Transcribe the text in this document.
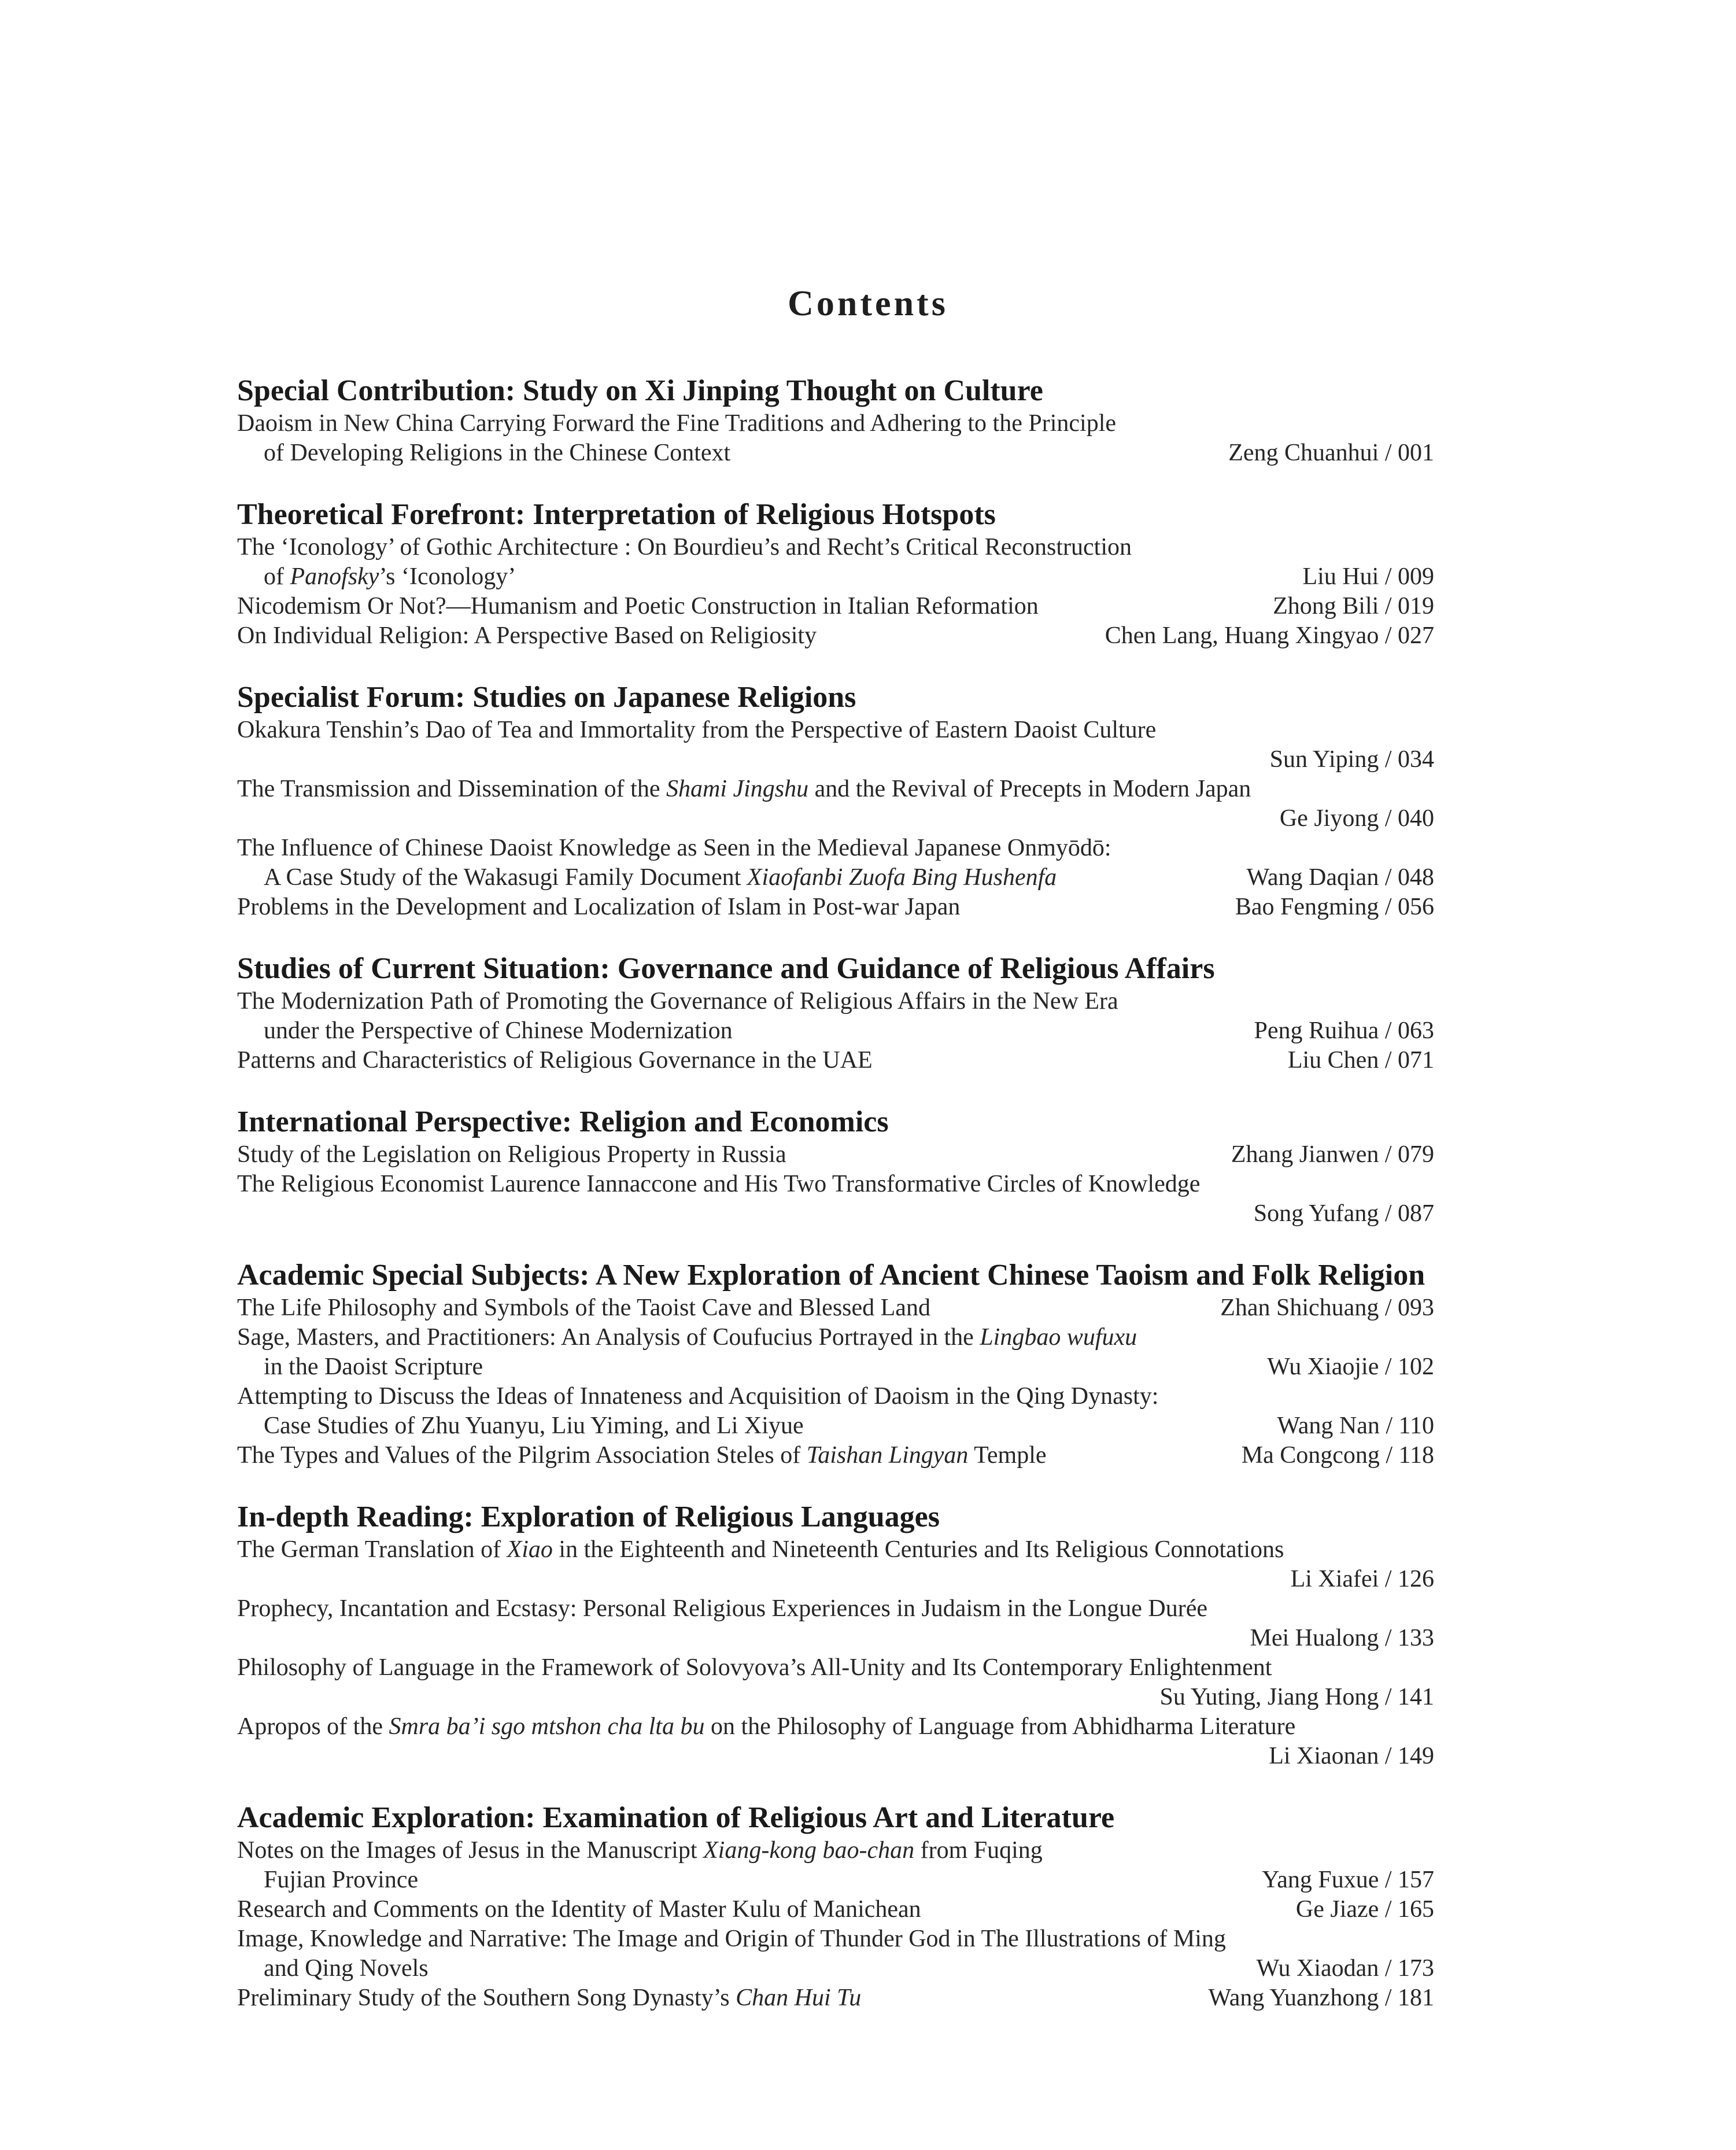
Contents
Special Contribution: Study on Xi Jinping Thought on Culture
Daoism in New China Carrying Forward the Fine Traditions and Adhering to the Principle
of Developing Religions in the Chinese Context	Zeng Chuanhui / 001
Theoretical Forefront: Interpretation of Religious Hotspots
The ‘Iconology’ of Gothic Architecture : On Bourdieu’s and Recht’s Critical Reconstruction
of Panofsky’s ‘Iconology’	Liu Hui / 009
Nicodemism Or Not?—Humanism and Poetic Construction in Italian Reformation	Zhong Bili / 019
On Individual Religion: A Perspective Based on Religiosity	Chen Lang, Huang Xingyao / 027
Specialist Forum: Studies on Japanese Religions
Okakura Tenshin’s Dao of Tea and Immortality from the Perspective of Eastern Daoist Culture
Sun Yiping / 034
The Transmission and Dissemination of the Shami Jingshu and the Revival of Precepts in Modern Japan
Ge Jiyong / 040
The Influence of Chinese Daoist Knowledge as Seen in the Medieval Japanese Onmyōdō:
A Case Study of the Wakasugi Family Document Xiaofanbi Zuofa Bing Hushenfa	Wang Daqian / 048
Problems in the Development and Localization of Islam in Post-war Japan	Bao Fengming / 056
Studies of Current Situation: Governance and Guidance of Religious Affairs
The Modernization Path of Promoting the Governance of Religious Affairs in the New Era
under the Perspective of Chinese Modernization	Peng Ruihua / 063
Patterns and Characteristics of Religious Governance in the UAE	Liu Chen / 071
International Perspective: Religion and Economics
Study of the Legislation on Religious Property in Russia	Zhang Jianwen / 079
The Religious Economist Laurence Iannaccone and His Two Transformative Circles of Knowledge
Song Yufang / 087
Academic Special Subjects: A New Exploration of Ancient Chinese Taoism and Folk Religion
The Life Philosophy and Symbols of the Taoist Cave and Blessed Land	Zhan Shichuang / 093
Sage, Masters, and Practitioners: An Analysis of Coufucius Portrayed in the Lingbao wufuxu
in the Daoist Scripture	Wu Xiaojie / 102
Attempting to Discuss the Ideas of Innateness and Acquisition of Daoism in the Qing Dynasty:
Case Studies of Zhu Yuanyu, Liu Yiming, and Li Xiyue	Wang Nan / 110
The Types and Values of the Pilgrim Association Steles of Taishan Lingyan Temple	Ma Congcong / 118
In-depth Reading: Exploration of Religious Languages
The German Translation of Xiao in the Eighteenth and Nineteenth Centuries and Its Religious Connotations
Li Xiafei / 126
Prophecy, Incantation and Ecstasy: Personal Religious Experiences in Judaism in the Longue Durée
Mei Hualong / 133
Philosophy of Language in the Framework of Solovyova’s All-Unity and Its Contemporary Enlightenment
Su Yuting, Jiang Hong / 141
Apropos of the Smra ba’i sgo mtshon cha lta bu on the Philosophy of Language from Abhidharma Literature
Li Xiaonan / 149
Academic Exploration: Examination of Religious Art and Literature
Notes on the Images of Jesus in the Manuscript Xiang-kong bao-chan from Fuqing
Fujian Province	Yang Fuxue / 157
Research and Comments on the Identity of Master Kulu of Manichean	Ge Jiaze / 165
Image, Knowledge and Narrative: The Image and Origin of Thunder God in The Illustrations of Ming
and Qing Novels	Wu Xiaodan / 173
Preliminary Study of the Southern Song Dynasty’s Chan Hui Tu	Wang Yuanzhong / 181
